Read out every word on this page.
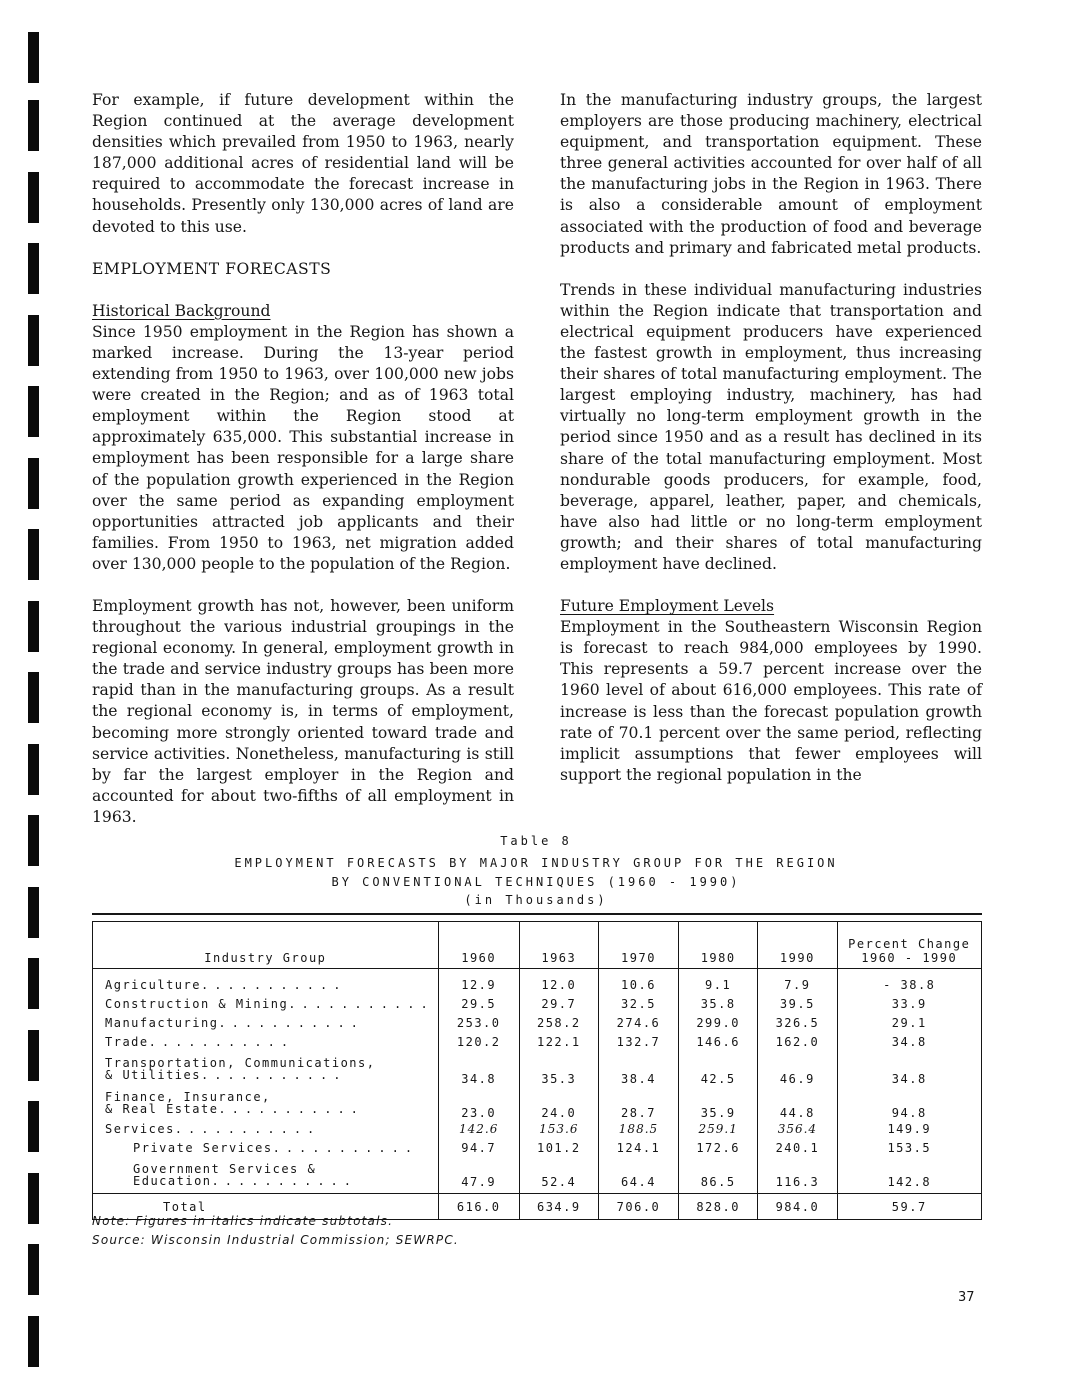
For example, if future development within the Region continued at the average development densities which prevailed from 1950 to 1963, nearly 187,000 additional acres of residential land will be required to accommodate the forecast increase in households. Presently only 130,000 acres of land are devoted to this use.

EMPLOYMENT FORECASTS

Historical Background

Since 1950 employment in the Region has shown a marked increase. During the 13-year period extending from 1950 to 1963, over 100,000 new jobs were created in the Region; and as of 1963 total employment within the Region stood at approximately 635,000. This substantial increase in employment has been responsible for a large share of the population growth experienced in the Region over the same period as expanding employment opportunities attracted job applicants and their families. From 1950 to 1963, net migration added over 130,000 people to the population of the Region.

Employment growth has not, however, been uniform throughout the various industrial groupings in the regional economy. In general, employment growth in the trade and service industry groups has been more rapid than in the manufacturing groups. As a result the regional economy is, in terms of employment, becoming more strongly oriented toward trade and service activities. Nonetheless, manufacturing is still by far the largest employer in the Region and accounted for about two-fifths of all employment in 1963.

In the manufacturing industry groups, the largest employers are those producing machinery, electrical equipment, and transportation equipment. These three general activities accounted for over half of all the manufacturing jobs in the Region in 1963. There is also a considerable amount of employment associated with the production of food and beverage products and primary and fabricated metal products.

Trends in these individual manufacturing industries within the Region indicate that transportation and electrical equipment producers have experienced the fastest growth in employment, thus increasing their shares of total manufacturing employment. The largest employing industry, machinery, has had virtually no long-term employment growth in the period since 1950 and as a result has declined in its share of the total manufacturing employment. Most nondurable goods producers, for example, food, beverage, apparel, leather, paper, and chemicals, have also had little or no long-term employment growth; and their shares of total manufacturing employment have declined.

Future Employment Levels

Employment in the Southeastern Wisconsin Region is forecast to reach 984,000 employees by 1990. This represents a 59.7 percent increase over the 1960 level of about 616,000 employees. This rate of increase is less than the forecast population growth rate of 70.1 percent over the same period, reflecting implicit assumptions that fewer employees will support the regional population in the

Table 8
EMPLOYMENT FORECASTS BY MAJOR INDUSTRY GROUP FOR THE REGION
BY CONVENTIONAL TECHNIQUES (1960 - 1990)
(in Thousands)
Industry Group	1960	1963	1970	1980	1990	Percent Change
1960 - 1990

Agriculture...........	12.9	12.0	10.6	9.1	7.9	- 38.8
Construction & Mining...........	29.5	29.7	32.5	35.8	39.5	33.9
Manufacturing...........	253.0	258.2	274.6	299.0	326.5	29.1
Trade...........	120.2	122.1	132.7	146.6	162.0	34.8

Transportation, Communications,
& Utilities...........	34.8	35.3	38.4	42.5	46.9	34.8

Finance, Insurance,
& Real Estate...........	23.0	24.0	28.7	35.9	44.8	94.8
Services...........	142.6	153.6	188.5	259.1	356.4	149.9
Private Services...........	94.7	101.2	124.1	172.6	240.1	153.5

Government Services &
Education...........	47.9	52.4	64.4	86.5	116.3	142.8
Total	616.0	634.9	706.0	828.0	984.0	59.7
Note: Figures in italics indicate subtotals.
Source: Wisconsin Industrial Commission; SEWRPC.
37
